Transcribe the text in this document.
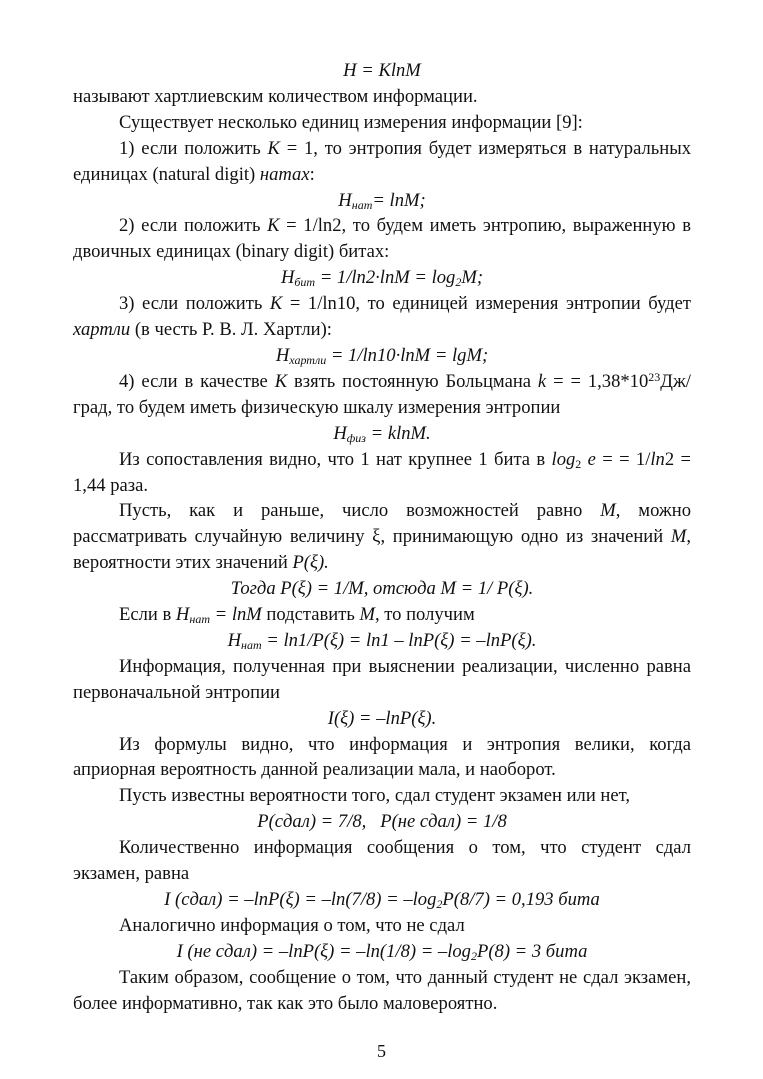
H = KlnM

называют хартлиевским количеством информации.

Существует несколько единиц измерения информации [9]:

1) если положить K = 1, то энтропия будет измеряться в натуральных единицах (natural digit) натах:

$H_{нат}= \ln M$;

2) если положить K = 1/ln2, то будем иметь энтропию, выраженную в двоичных единицах (binary digit) битах:

$H_{бит} = 1/\ln 2\cdot\ln M = \log_2M$;

3) если положить K = 1/ln10, то единицей измерения энтропии будет хартли (в честь Р. В. Л. Хартли):

$H_{хартли} = 1/\ln 10\cdot\ln M = \lg M$;

4) если в качестве K взять постоянную Больцмана k = = $1,38*10^{23}Дж$/град, то будем иметь физическую шкалу измерения энтропии

$H_{физ} = klnM$.

Из сопоставления видно, что 1 нат крупнее 1 бита в $\log_2 e$ = = 1/ln2 = 1,44 раза.

Пусть, как и раньше, число возможностей равно M, можно рассматривать случайную величину ξ, принимающую одно из значений M, вероятности этих значений P(ξ).

Тогда P(ξ) = 1/M, отсюда M = 1/ P(ξ).

Если в $H_{нат} = \ln M$ подставить M, то получим

$H_{нат} = \ln 1/P(\xi) = \ln 1 - \ln P(\xi) = -\ln P(\xi)$.

Информация, полученная при выяснении реализации, численно равна первоначальной энтропии

I(ξ) = –lnP(ξ).

Из формулы видно, что информация и энтропия велики, когда априорная вероятность данной реализации мала, и наоборот.

Пусть известны вероятности того, сдал студент экзамен или нет,

P(сдал) = 7/8,   P(не сдал) = 1/8

Количественно информация сообщения о том, что студент сдал экзамен, равна

I (сдал) = $-\ln P(\xi) = -\ln(7/8) = -\log_2P(8/7) = 0,193$ бита

Аналогично информация о том, что не сдал

I (не сдал) = $-\ln P(\xi) = -\ln(1/8) = -\log_2P(8) = 3$ бита

Таким образом, сообщение о том, что данный студент не сдал экзамен, более информативно, так как это было маловероятно.

5
